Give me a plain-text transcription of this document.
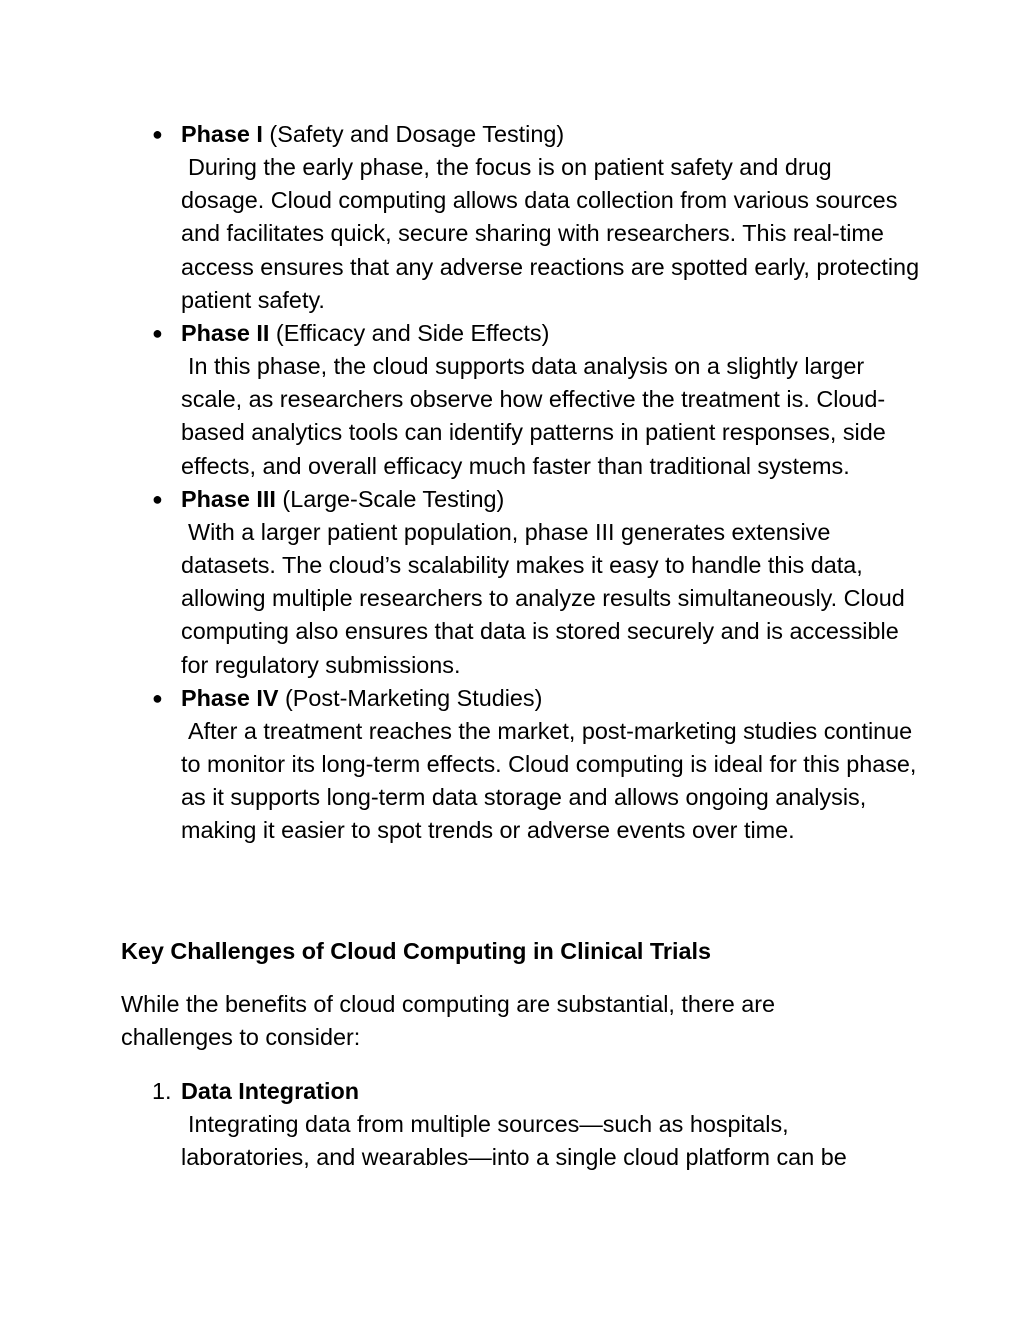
● Phase I (Safety and Dosage Testing)
During the early phase, the focus is on patient safety and drug dosage. Cloud computing allows data collection from various sources and facilitates quick, secure sharing with researchers. This real-time access ensures that any adverse reactions are spotted early, protecting patient safety.
● Phase II (Efficacy and Side Effects)
In this phase, the cloud supports data analysis on a slightly larger scale, as researchers observe how effective the treatment is. Cloud-based analytics tools can identify patterns in patient responses, side effects, and overall efficacy much faster than traditional systems.
● Phase III (Large-Scale Testing)
With a larger patient population, phase III generates extensive datasets. The cloud’s scalability makes it easy to handle this data, allowing multiple researchers to analyze results simultaneously. Cloud computing also ensures that data is stored securely and is accessible for regulatory submissions.
● Phase IV (Post-Marketing Studies)
After a treatment reaches the market, post-marketing studies continue to monitor its long-term effects. Cloud computing is ideal for this phase, as it supports long-term data storage and allows ongoing analysis, making it easier to spot trends or adverse events over time.
Key Challenges of Cloud Computing in Clinical Trials

While the benefits of cloud computing are substantial, there are challenges to consider:

1. Data Integration
Integrating data from multiple sources—such as hospitals, laboratories, and wearables—into a single cloud platform can be
